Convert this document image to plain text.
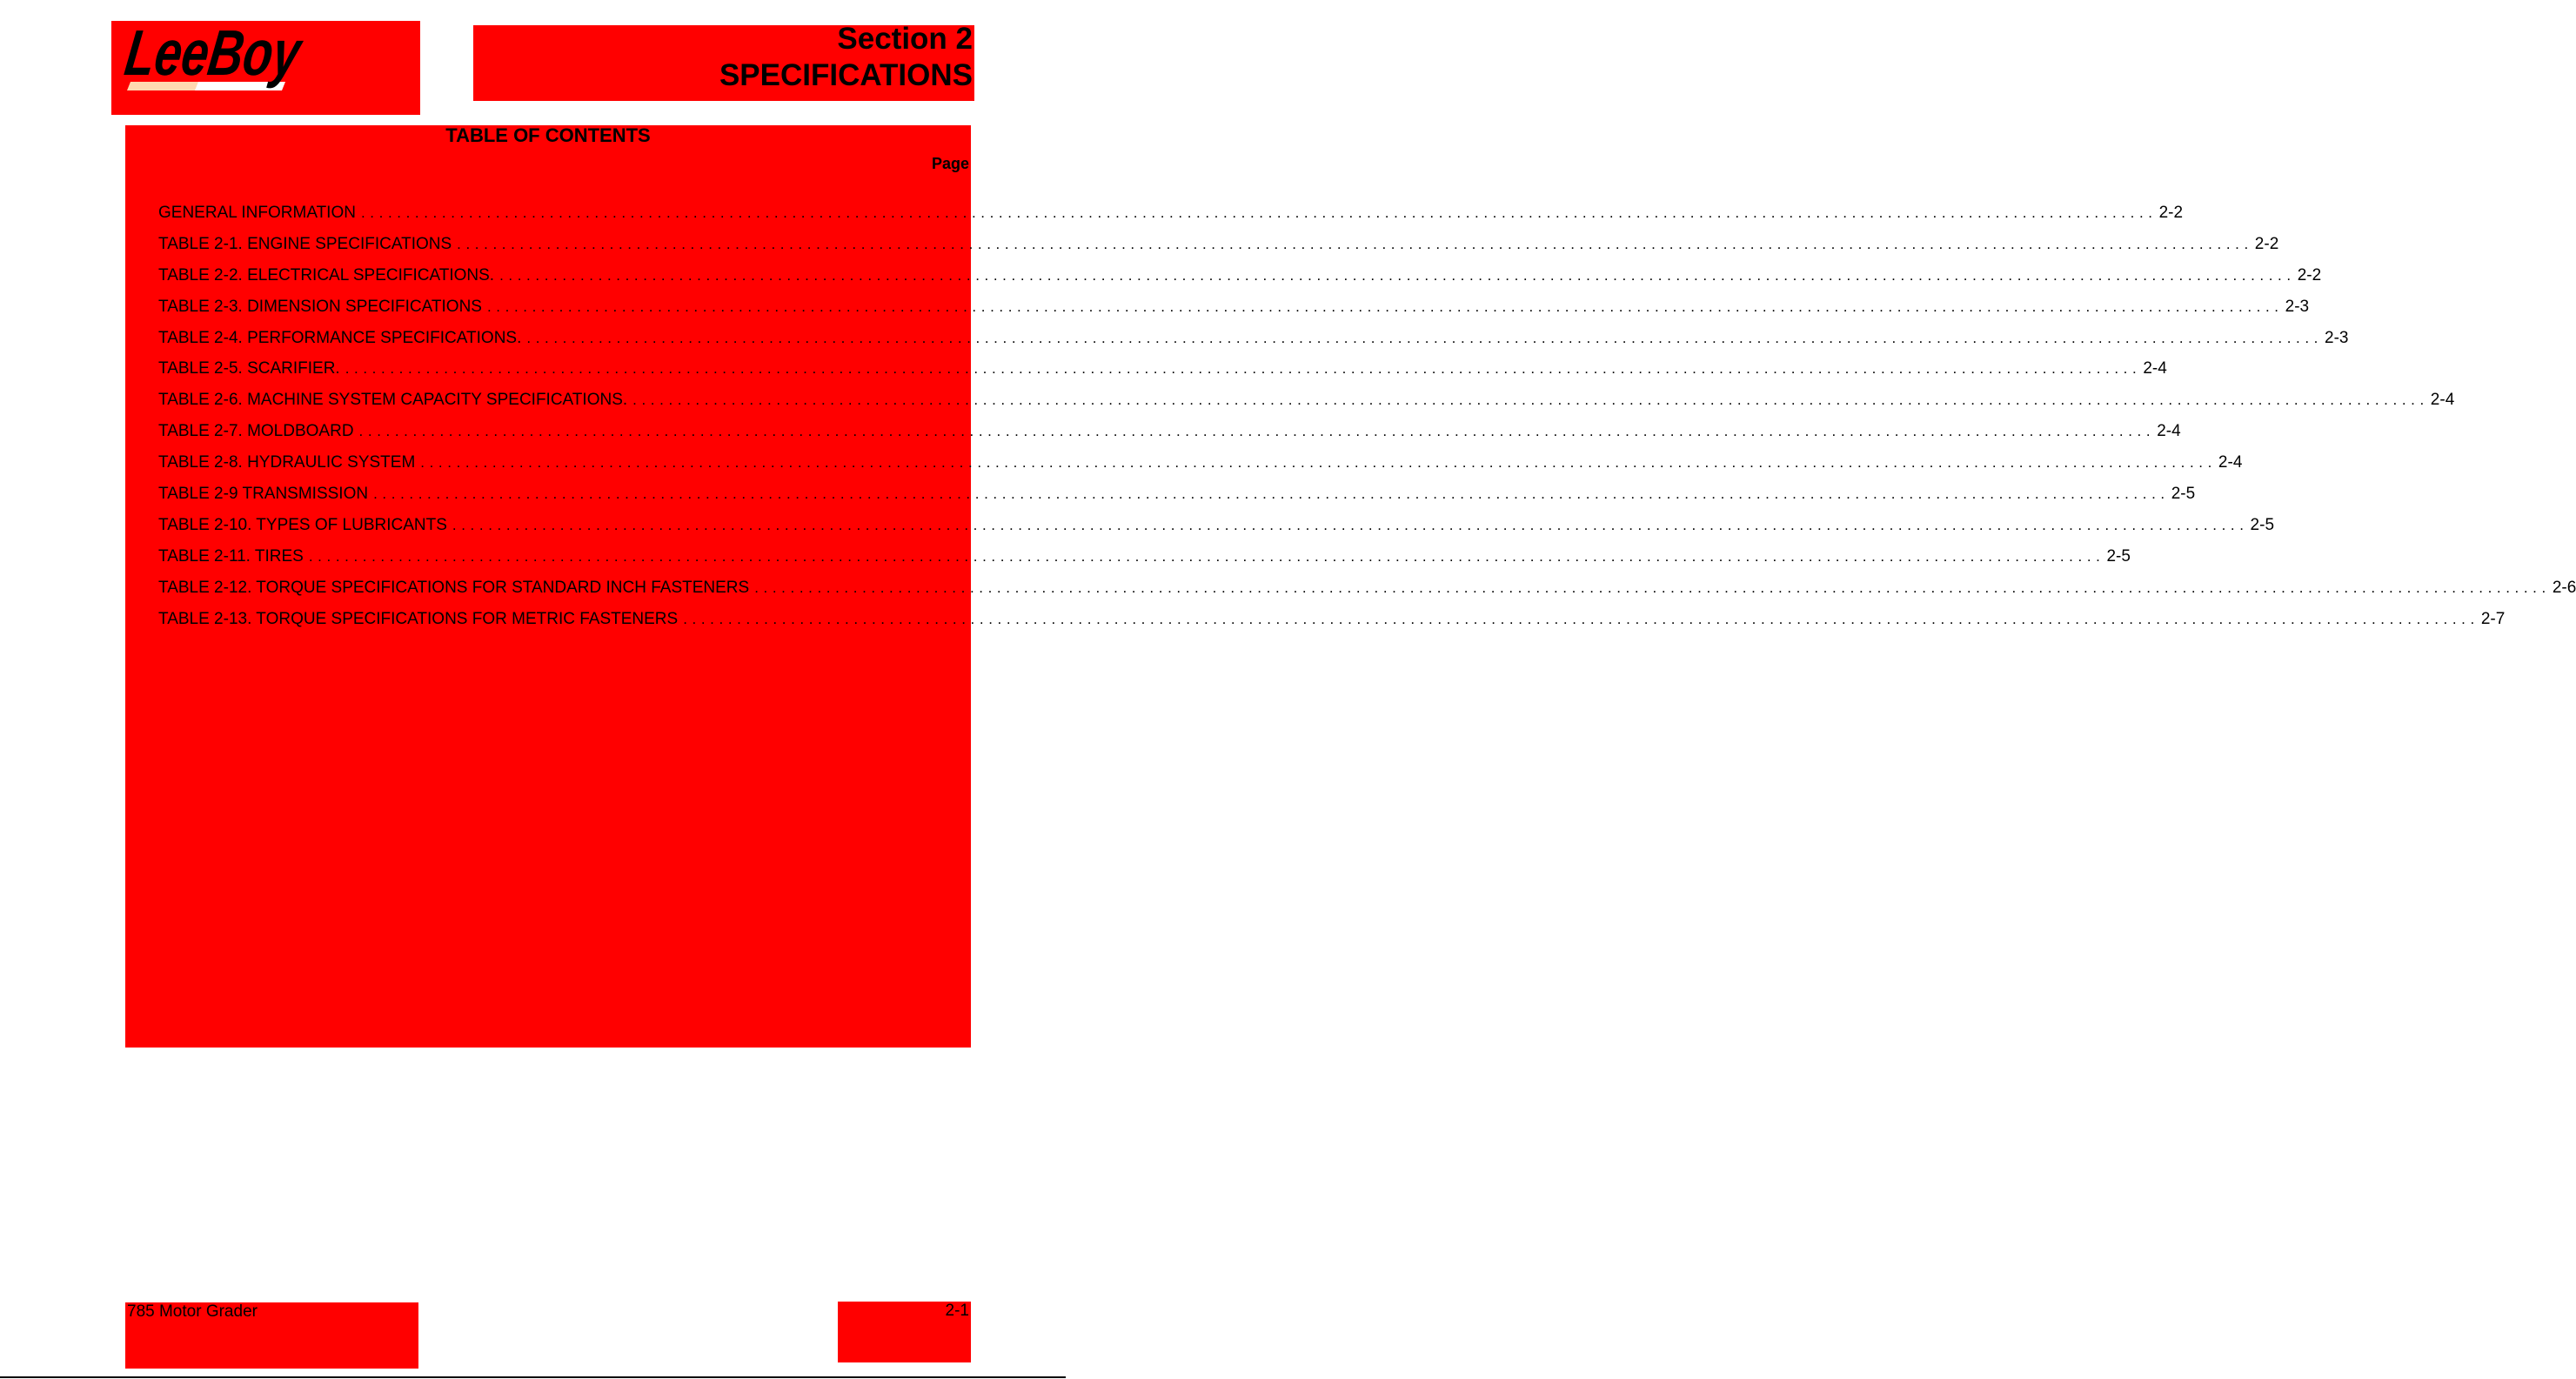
LeeBoy	Section 2
SPECIFICATIONS
TABLE OF CONTENTS
Page
GENERAL INFORMATION ........................................................................................................................................................................................................ 2-2
TABLE 2-1. ENGINE SPECIFICATIONS ........................................................................................................................................................................................................ 2-2
TABLE 2-2. ELECTRICAL SPECIFICATIONS. ........................................................................................................................................................................................................ 2-2
TABLE 2-3. DIMENSION SPECIFICATIONS ........................................................................................................................................................................................................ 2-3
TABLE 2-4. PERFORMANCE SPECIFICATIONS. ........................................................................................................................................................................................................ 2-3
TABLE 2-5. SCARIFIER. ........................................................................................................................................................................................................ 2-4
TABLE 2-6. MACHINE SYSTEM CAPACITY SPECIFICATIONS. ........................................................................................................................................................................................................ 2-4
TABLE 2-7. MOLDBOARD ........................................................................................................................................................................................................ 2-4
TABLE 2-8. HYDRAULIC SYSTEM ........................................................................................................................................................................................................ 2-4
TABLE 2-9 TRANSMISSION ........................................................................................................................................................................................................ 2-5
TABLE 2-10. TYPES OF LUBRICANTS ........................................................................................................................................................................................................ 2-5
TABLE 2-11. TIRES ........................................................................................................................................................................................................ 2-5
TABLE 2-12. TORQUE SPECIFICATIONS FOR STANDARD INCH FASTENERS ........................................................................................................................................................................................................ 2-6
TABLE 2-13. TORQUE SPECIFICATIONS FOR METRIC FASTENERS ........................................................................................................................................................................................................ 2-7
785 Motor Grader	2-1
